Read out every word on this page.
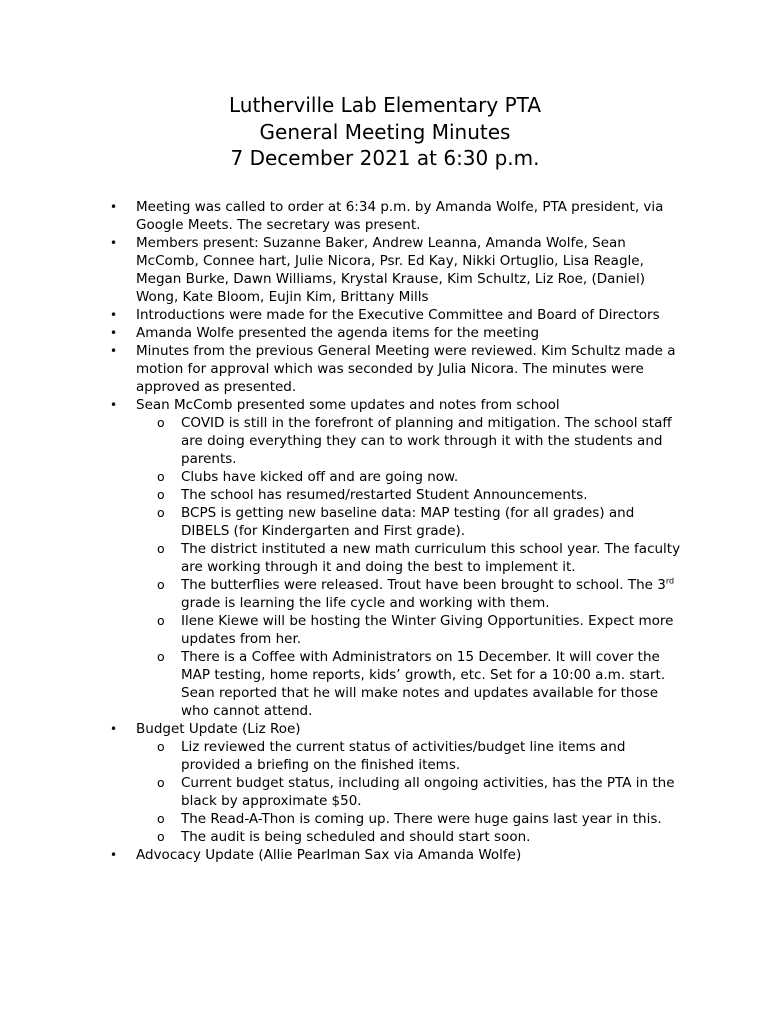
Lutherville Lab Elementary PTA

General Meeting Minutes

7 December 2021 at 6:30 p.m.

• Meeting was called to order at 6:34 p.m. by Amanda Wolfe, PTA president, via Google Meets. The secretary was present.
• Members present: Suzanne Baker, Andrew Leanna, Amanda Wolfe, Sean McComb, Connee hart, Julie Nicora, Psr. Ed Kay, Nikki Ortuglio, Lisa Reagle, Megan Burke, Dawn Williams, Krystal Krause, Kim Schultz, Liz Roe, (Daniel) Wong, Kate Bloom, Eujin Kim, Brittany Mills
• Introductions were made for the Executive Committee and Board of Directors
• Amanda Wolfe presented the agenda items for the meeting
• Minutes from the previous General Meeting were reviewed. Kim Schultz made a motion for approval which was seconded by Julia Nicora. The minutes were approved as presented.
• Sean McComb presented some updates and notes from school
o COVID is still in the forefront of planning and mitigation. The school staff are doing everything they can to work through it with the students and parents.
o Clubs have kicked off and are going now.
o The school has resumed/restarted Student Announcements.
o BCPS is getting new baseline data: MAP testing (for all grades) and DIBELS (for Kindergarten and First grade).
o The district instituted a new math curriculum this school year. The faculty are working through it and doing the best to implement it.
o The butterflies were released. Trout have been brought to school. The 3rd grade is learning the life cycle and working with them.
o Ilene Kiewe will be hosting the Winter Giving Opportunities. Expect more updates from her.
o There is a Coffee with Administrators on 15 December. It will cover the MAP testing, home reports, kids’ growth, etc. Set for a 10:00 a.m. start. Sean reported that he will make notes and updates available for those who cannot attend.
• Budget Update (Liz Roe)
o Liz reviewed the current status of activities/budget line items and provided a briefing on the finished items.
o Current budget status, including all ongoing activities, has the PTA in the black by approximate $50.
o The Read-A-Thon is coming up. There were huge gains last year in this.
o The audit is being scheduled and should start soon.
• Advocacy Update (Allie Pearlman Sax via Amanda Wolfe)
